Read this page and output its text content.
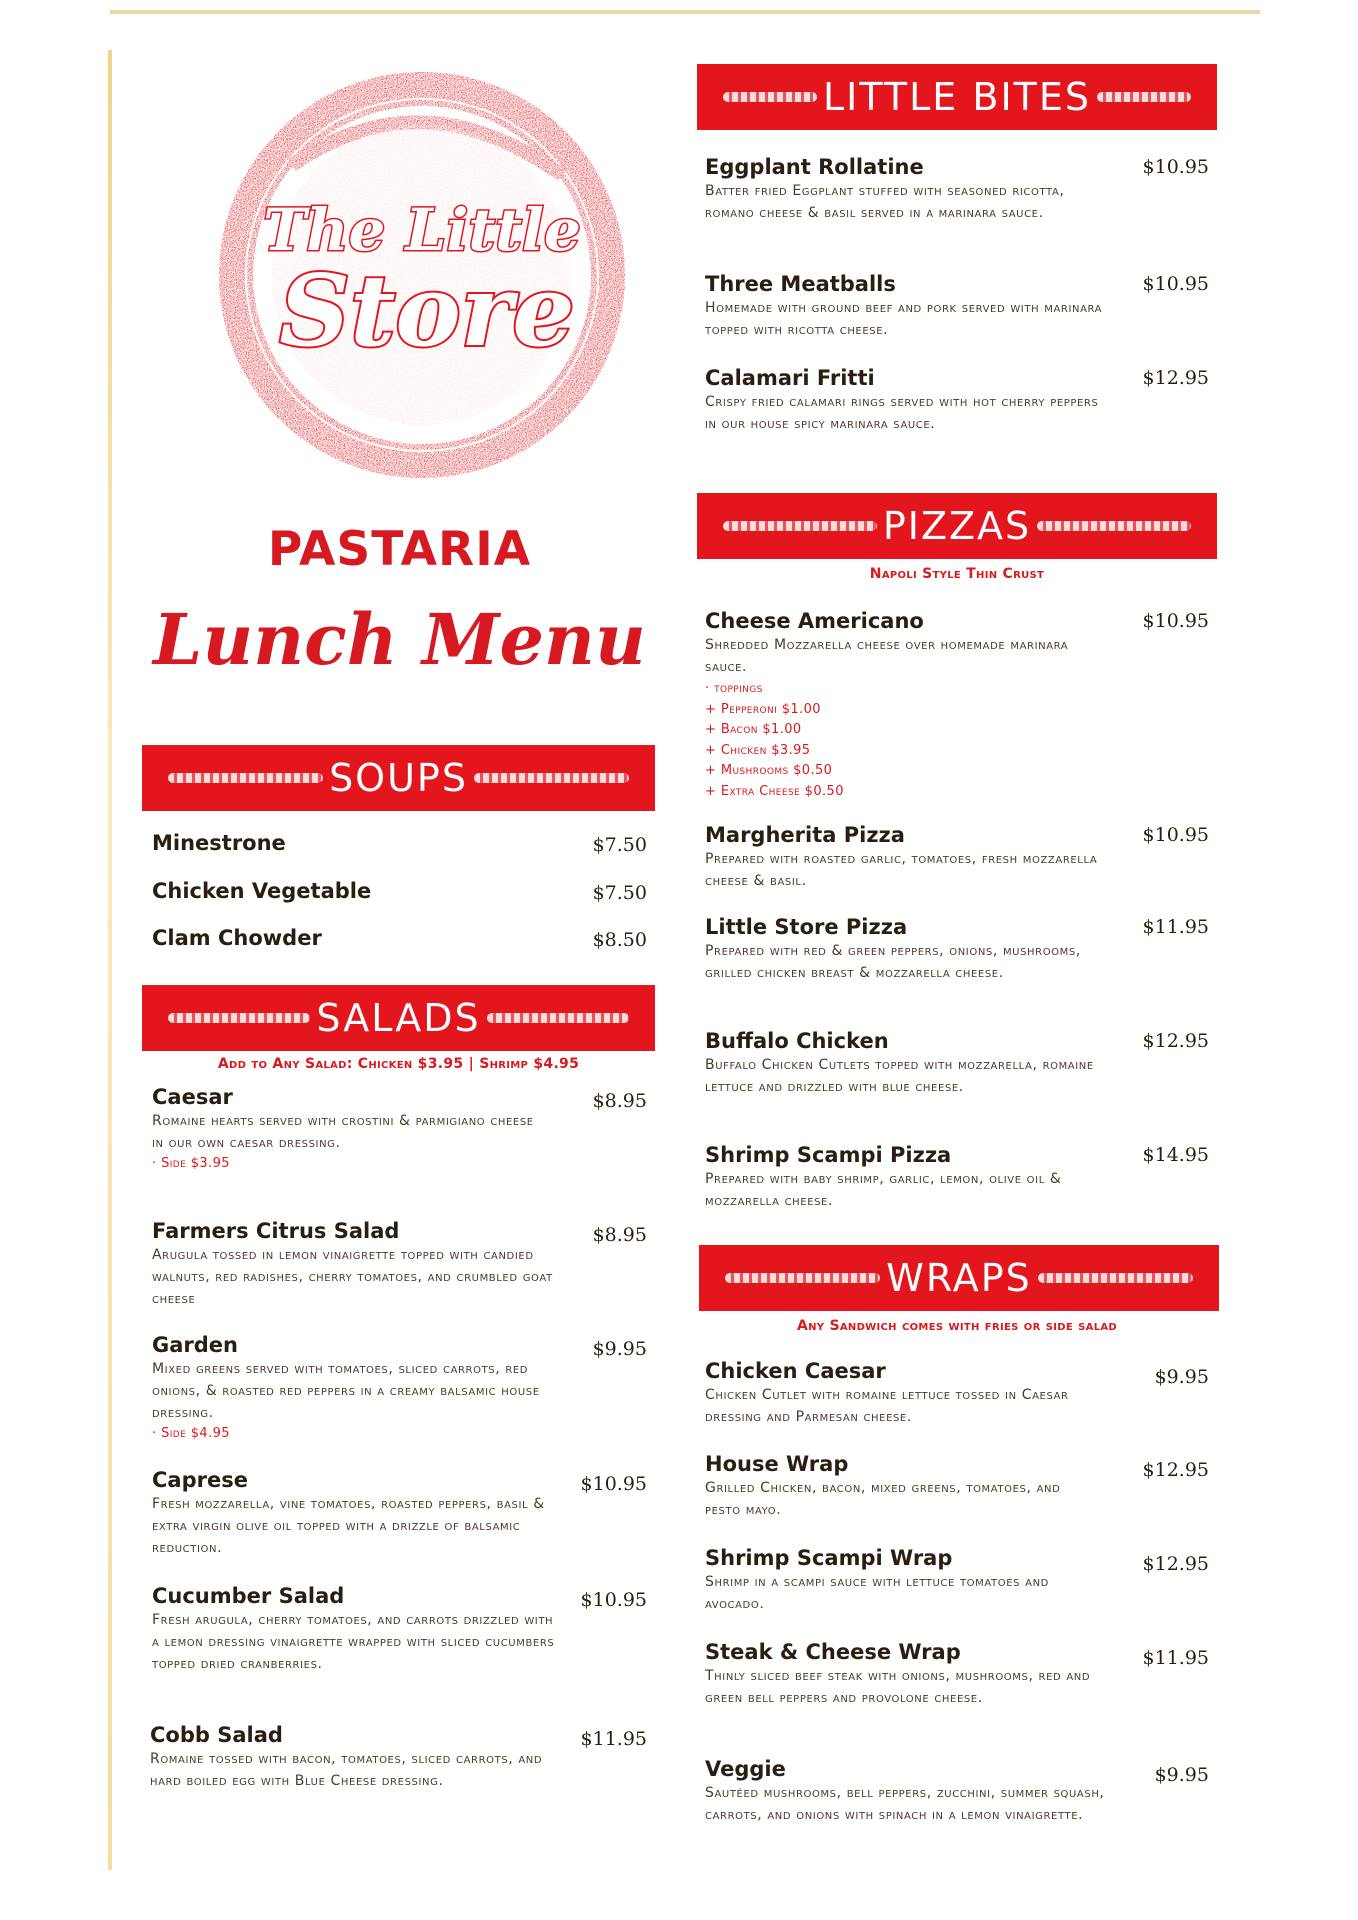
The Little
Store
PASTARIA
Lunch Menu
SOUPS
Minestrone	$7.50
Chicken Vegetable	$7.50
Clam Chowder	$8.50
SALADS
Add to Any Salad: Chicken $3.95 | Shrimp $4.95
Caesar	$8.95
Romaine hearts served with crostini & parmigiano cheese in our own caesar dressing.
· Side $3.95
Farmers Citrus Salad	$8.95
Arugula tossed in lemon vinaigrette topped with candied walnuts, red radishes, cherry tomatoes, and crumbled goat cheese
Garden	$9.95
Mixed greens served with tomatoes, sliced carrots, red onions, & roasted red peppers in a creamy balsamic house dressing.
· Side $4.95
Caprese	$10.95
Fresh mozzarella, vine tomatoes, roasted peppers, basil & extra virgin olive oil topped with a drizzle of balsamic reduction.
Cucumber Salad	$10.95
Fresh arugula, cherry tomatoes, and carrots drizzled with a lemon dressing vinaigrette wrapped with sliced cucumbers topped dried cranberries.
Cobb Salad	$11.95
Romaine tossed with bacon, tomatoes, sliced carrots, and hard boiled egg with Blue Cheese dressing.
LITTLE BITES
Eggplant Rollatine	$10.95
Batter fried Eggplant stuffed with seasoned ricotta, romano cheese & basil served in a marinara sauce.
Three Meatballs	$10.95
Homemade with ground beef and pork served with marinara topped with ricotta cheese.
Calamari Fritti	$12.95
Crispy fried calamari rings served with hot cherry peppers in our house spicy marinara sauce.
PIZZAS
Napoli Style Thin Crust
Cheese Americano	$10.95
Shredded Mozzarella cheese over homemade marinara sauce.
· toppings
+ Pepperoni $1.00
+ Bacon $1.00
+ Chicken $3.95
+ Mushrooms $0.50
+ Extra Cheese $0.50
Margherita Pizza	$10.95
Prepared with roasted garlic, tomatoes, fresh mozzarella cheese & basil.
Little Store Pizza	$11.95
Prepared with red & green peppers, onions, mushrooms, grilled chicken breast & mozzarella cheese.
Buffalo Chicken	$12.95
Buffalo Chicken Cutlets topped with mozzarella, romaine lettuce and drizzled with blue cheese.
Shrimp Scampi Pizza	$14.95
Prepared with baby shrimp, garlic, lemon, olive oil & mozzarella cheese.
WRAPS
Any Sandwich comes with fries or side salad
Chicken Caesar	$9.95
Chicken Cutlet with romaine lettuce tossed in Caesar dressing and Parmesan cheese.
House Wrap	$12.95
Grilled Chicken, bacon, mixed greens, tomatoes, and pesto mayo.
Shrimp Scampi Wrap	$12.95
Shrimp in a scampi sauce with lettuce tomatoes and avocado.
Steak & Cheese Wrap	$11.95
Thinly sliced beef steak with onions, mushrooms, red and green bell peppers and provolone cheese.
Veggie	$9.95
Sautéed mushrooms, bell peppers, zucchini, summer squash, carrots, and onions with spinach in a lemon vinaigrette.
